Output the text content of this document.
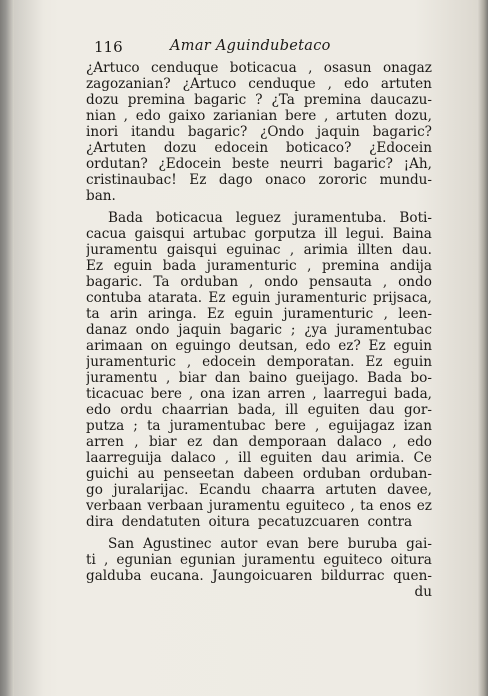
116	Amar Aguindubetaco
¿Artuco cenduque boticacua , osasun onagaz
zagozanian? ¿Artuco cenduque , edo artuten
dozu premina bagaric ? ¿Ta premina daucazu-
nian , edo gaixo zarianian bere , artuten dozu,
inori itandu bagaric? ¿Ondo jaquin bagaric?
¿Artuten dozu edocein boticaco? ¿Edocein
ordutan? ¿Edocein beste neurri bagaric? ¡Ah,
cristinaubac! Ez dago onaco zororic mundu-
ban.
Bada boticacua leguez juramentuba. Boti-
cacua gaisqui artubac gorputza ill legui. Baina
juramentu gaisqui eguinac , arimia illten dau.
Ez eguin bada juramenturic , premina andija
bagaric. Ta orduban , ondo pensauta , ondo
contuba atarata. Ez eguin juramenturic prijsaca,
ta arin aringa. Ez eguin juramenturic , leen-
danaz ondo jaquin bagaric ; ¿ya juramentubac
arimaan on eguingo deutsan, edo ez? Ez eguin
juramenturic , edocein demporatan. Ez eguin
juramentu , biar dan baino gueijago. Bada bo-
ticacuac bere , ona izan arren , laarregui bada,
edo ordu chaarrian bada, ill eguiten dau gor-
putza ; ta juramentubac bere , eguijagaz izan
arren , biar ez dan demporaan dalaco , edo
laarreguija dalaco , ill eguiten dau arimia. Ce
guichi au penseetan dabeen orduban orduban-
go juralarijac. Ecandu chaarra artuten davee,
verbaan verbaan juramentu eguiteco , ta enos ez
dira dendatuten oitura pecatuzcuaren contra
San Agustinec autor evan bere buruba gai-
ti , egunian egunian juramentu eguiteco oitura
galduba eucana. Jaungoicuaren bildurrac quen-
du
